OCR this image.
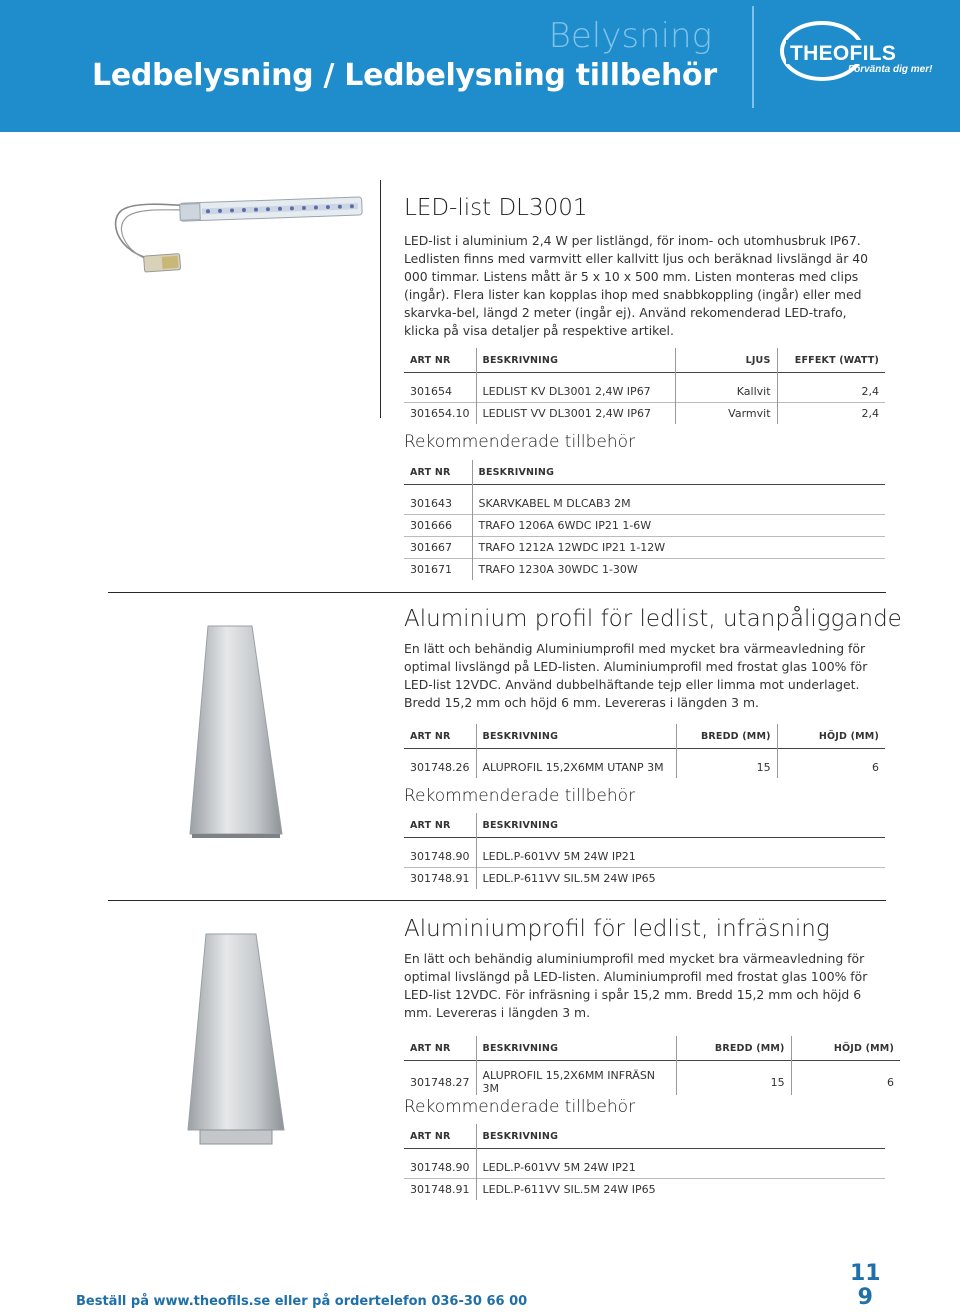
Belysning
Ledbelysning / Ledbelysning tillbehör
THEOFILS
Förvänta dig mer!
LED-list DL3001
LED-list i aluminium 2,4 W per listlängd, för inom- och utomhusbruk IP67. Ledlisten finns med varmvitt eller kallvitt ljus och beräknad livslängd är 40 000 timmar. Listens mått är 5 x 10 x 500 mm. Listen monteras med clips (ingår). Flera lister kan kopplas ihop med snabbkoppling (ingår) eller med skarvka-bel, längd 2 meter (ingår ej). Använd rekomenderad LED-trafo, klicka på visa detaljer på respektive artikel.
ART NR	BESKRIVNING	LJUS	EFFEKT (WATT)

301654	LEDLIST KV DL3001 2,4W IP67	Kallvit	2,4
301654.10	LEDLIST VV DL3001 2,4W IP67	Varmvit	2,4
Rekommenderade tillbehör
ART NR	BESKRIVNING

301643	SKARVKABEL M DLCAB3 2M
301666	TRAFO 1206A 6WDC IP21 1-6W
301667	TRAFO 1212A 12WDC IP21 1-12W
301671	TRAFO 1230A 30WDC 1-30W
Aluminium profil för ledlist, utanpåliggande
En lätt och behändig Aluminiumprofil med mycket bra värmeavledning för optimal livslängd på LED-listen. Aluminiumprofil med frostat glas 100% för LED-list 12VDC. Använd dubbelhäftande tejp eller limma mot underlaget. Bredd 15,2 mm och höjd 6 mm. Levereras i längden 3 m.
ART NR	BESKRIVNING	BREDD (MM)	HÖJD (MM)

301748.26	ALUPROFIL 15,2X6MM UTANP 3M	15	6
Rekommenderade tillbehör
ART NR	BESKRIVNING

301748.90	LEDL.P-601VV 5M 24W IP21
301748.91	LEDL.P-611VV SIL.5M 24W IP65
Aluminiumprofil för ledlist, infräsning
En lätt och behändig aluminiumprofil med mycket bra värmeavledning för optimal livslängd på LED-listen. Aluminiumprofil med frostat glas 100% för LED-list 12VDC. För infräsning i spår 15,2 mm. Bredd 15,2 mm och höjd 6 mm. Levereras i längden 3 m.
ART NR	BESKRIVNING	BREDD (MM)	HÖJD (MM)

301748.27	ALUPROFIL 15,2X6MM INFRÄSN 3M	15	6
Rekommenderade tillbehör
ART NR	BESKRIVNING

301748.90	LEDL.P-601VV 5M 24W IP21
301748.91	LEDL.P-611VV SIL.5M 24W IP65
Beställ på www.theofils.se eller på ordertelefon 036-30 66 00
11
9
